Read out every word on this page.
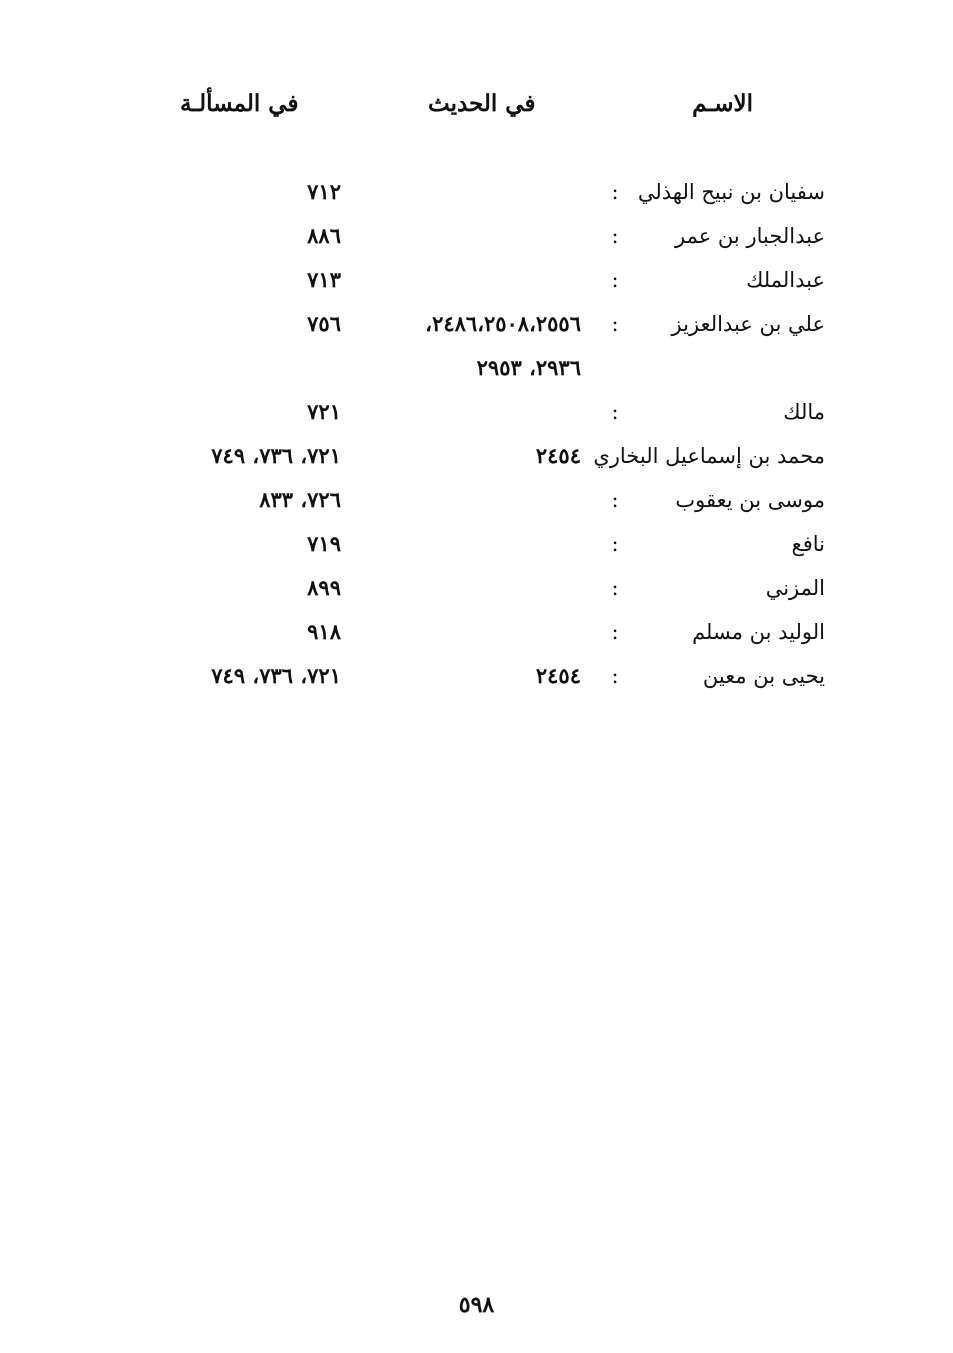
الاسـم
في الحديث
في المسألـة
سفيان بن نبيح الهذلي
:
٧١٢
عبدالجبار بن عمر
:
٨٨٦
عبدالملك
:
٧١٣
علي بن عبدالعزيز
:
٢٤٨٦،٢٥٠٨،٢٥٥٦،
٧٥٦
٢٩٣٦، ٢٩٥٣
مالك
:
٧٢١
محمد بن إسماعيل البخاري
٢٤٥٤
٧٢١، ٧٣٦، ٧٤٩
موسى بن يعقوب
:
٧٢٦، ٨٣٣
نافع
:
٧١٩
المزني
:
٨٩٩
الوليد بن مسلم
:
٩١٨
يحيى بن معين
:
٢٤٥٤
٧٢١، ٧٣٦، ٧٤٩
٥٩٨
